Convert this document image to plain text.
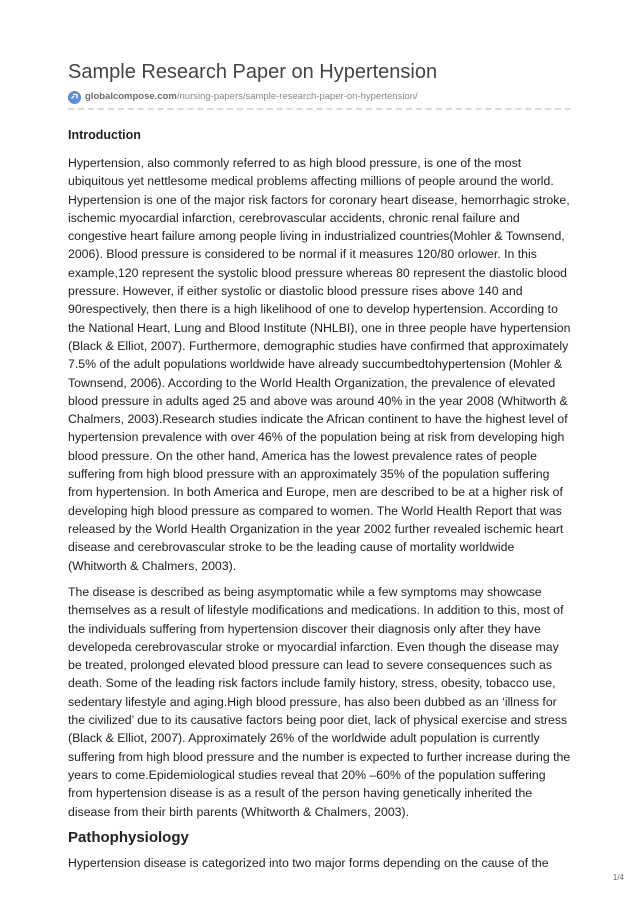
Sample Research Paper on Hypertension
globalcompose.com/nursing-papers/sample-research-paper-on-hypertension/
Introduction

Hypertension, also commonly referred to as high blood pressure, is one of the most ubiquitous yet nettlesome medical problems affecting millions of people around the world. Hypertension is one of the major risk factors for coronary heart disease, hemorrhagic stroke, ischemic myocardial infarction, cerebrovascular accidents, chronic renal failure and congestive heart failure among people living in industrialized countries(Mohler & Townsend, 2006). Blood pressure is considered to be normal if it measures 120/80 orlower. In this example,120 represent the systolic blood pressure whereas 80 represent the diastolic blood pressure. However, if either systolic or diastolic blood pressure rises above 140 and 90respectively, then there is a high likelihood of one to develop hypertension. According to the National Heart, Lung and Blood Institute (NHLBI), one in three people have hypertension (Black & Elliot, 2007). Furthermore, demographic studies have confirmed that approximately 7.5% of the adult populations worldwide have already succumbedtohypertension (Mohler & Townsend, 2006). According to the World Health Organization, the prevalence of elevated blood pressure in adults aged 25 and above was around 40% in the year 2008 (Whitworth & Chalmers, 2003).Research studies indicate the African continent to have the highest level of hypertension prevalence with over 46% of the population being at risk from developing high blood pressure. On the other hand, America has the lowest prevalence rates of people suffering from high blood pressure with an approximately 35% of the population suffering from hypertension. In both America and Europe, men are described to be at a higher risk of developing high blood pressure as compared to women. The World Health Report that was released by the World Health Organization in the year 2002 further revealed ischemic heart disease and cerebrovascular stroke to be the leading cause of mortality worldwide (Whitworth & Chalmers, 2003).

The disease is described as being asymptomatic while a few symptoms may showcase themselves as a result of lifestyle modifications and medications. In addition to this, most of the individuals suffering from hypertension discover their diagnosis only after they have developeda cerebrovascular stroke or myocardial infarction. Even though the disease may be treated, prolonged elevated blood pressure can lead to severe consequences such as death. Some of the leading risk factors include family history, stress, obesity, tobacco use, sedentary lifestyle and aging.High blood pressure, has also been dubbed as an ‘illness for the civilized’ due to its causative factors being poor diet, lack of physical exercise and stress (Black & Elliot, 2007). Approximately 26% of the worldwide adult population is currently suffering from high blood pressure and the number is expected to further increase during the years to come.Epidemiological studies reveal that 20% –60% of the population suffering from hypertension disease is as a result of the person having genetically inherited the disease from their birth parents (Whitworth & Chalmers, 2003).

Pathophysiology

Hypertension disease is categorized into two major forms depending on the cause of the

1/4
